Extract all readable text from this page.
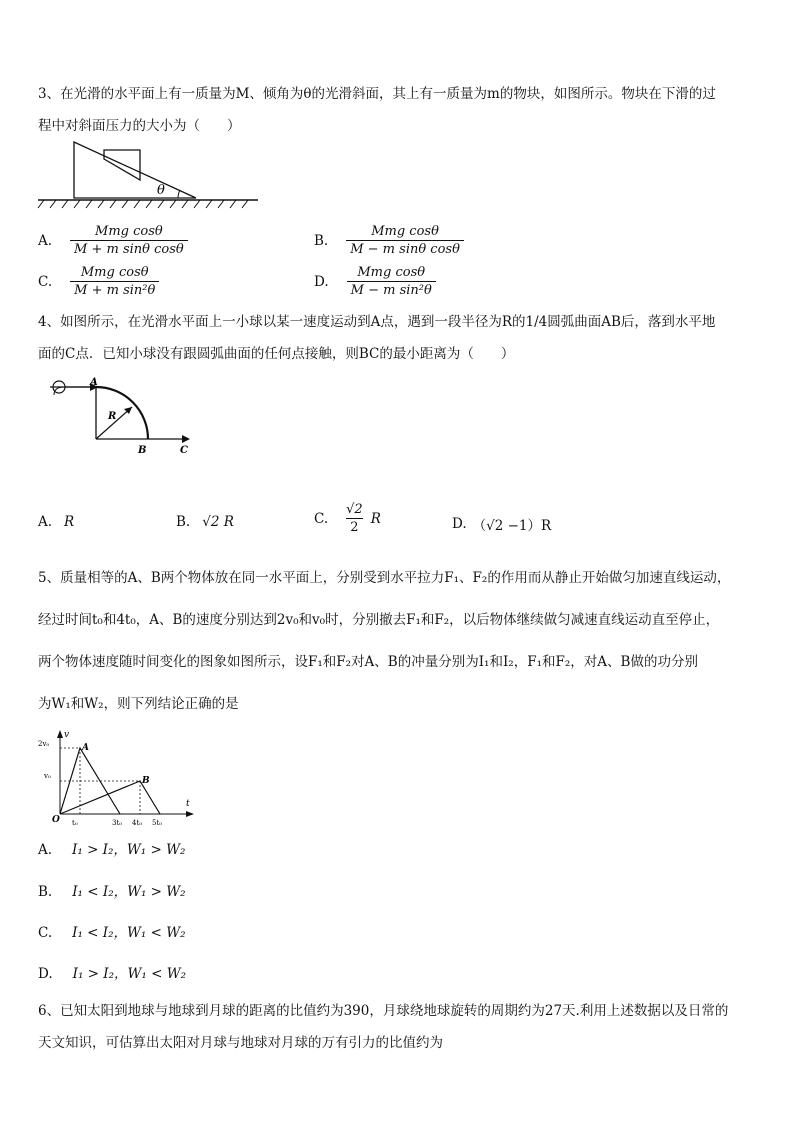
3、在光滑的水平面上有一质量为M、倾角为θ的光滑斜面，其上有一质量为m的物块，如图所示。物块在下滑的过
程中对斜面压力的大小为（　　）
θ
A. $\frac{\text{Mmg cosθ}}{\text{M + m sinθ cosθ}}$	B. $\frac{\text{Mmg cosθ}}{\text{M − m sinθ cosθ}}$
C. $\frac{\text{Mmg cosθ}}{\text{M + m sin²θ}}$	D. $\frac{\text{Mmg cosθ}}{\text{M − m sin²θ}}$
4、如图所示，在光滑水平面上一小球以某一速度运动到A点，遇到一段半径为R的1/4圆弧曲面AB后，落到水平地
面的C点．已知小球没有跟圆弧曲面的任何点接触，则BC的最小距离为（　　）
A
R
B	C
A. R	B. √2 R	C. $\frac{√2}{2}$ R	D. （√2 −1）R
5、质量相等的A、B两个物体放在同一水平面上，分别受到水平拉力F₁、F₂的作用而从静止开始做匀加速直线运动，
经过时间t₀和4t₀，A、B的速度分别达到2v₀和v₀时，分别撤去F₁和F₂，以后物体继续做匀减速直线运动直至停止，
两个物体速度随时间变化的图象如图所示，设F₁和F₂对A、B的冲量分别为I₁和I₂，F₁和F₂，对A、B做的功分别
为W₁和W₂，则下列结论正确的是
v
t
O
2v₀
v₀
t₀	3t₀ 4t₀ 5t₀
A
B
A. I₁ > I₂，W₁ > W₂
B. I₁ < I₂，W₁ > W₂
C. I₁ < I₂，W₁ < W₂
D. I₁ > I₂，W₁ < W₂
6、已知太阳到地球与地球到月球的距离的比值约为390，月球绕地球旋转的周期约为27天.利用上述数据以及日常的
天文知识，可估算出太阳对月球与地球对月球的万有引力的比值约为
